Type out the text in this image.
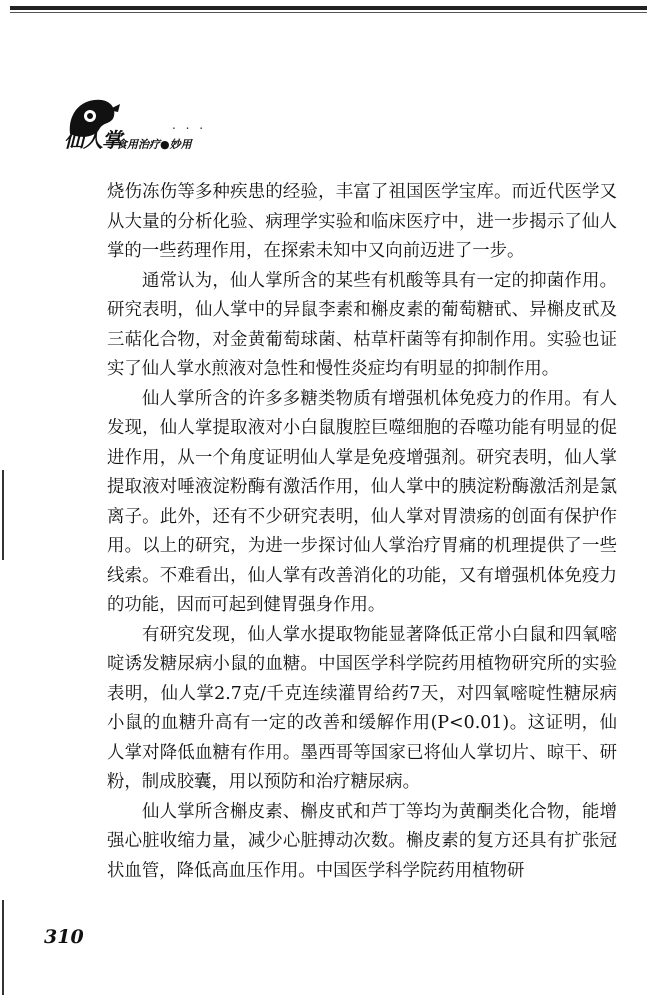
仙人掌
. . .
食用治疗●妙用

烧伤冻伤等多种疾患的经验，丰富了祖国医学宝库。而近代医学又从大量的分析化验、病理学实验和临床医疗中，进一步揭示了仙人掌的一些药理作用，在探索未知中又向前迈进了一步。

通常认为，仙人掌所含的某些有机酸等具有一定的抑菌作用。研究表明，仙人掌中的异鼠李素和槲皮素的葡萄糖甙、异槲皮甙及三萜化合物，对金黄葡萄球菌、枯草杆菌等有抑制作用。实验也证实了仙人掌水煎液对急性和慢性炎症均有明显的抑制作用。

仙人掌所含的许多多糖类物质有增强机体免疫力的作用。有人发现，仙人掌提取液对小白鼠腹腔巨噬细胞的吞噬功能有明显的促进作用，从一个角度证明仙人掌是免疫增强剂。研究表明，仙人掌提取液对唾液淀粉酶有激活作用，仙人掌中的胰淀粉酶激活剂是氯离子。此外，还有不少研究表明，仙人掌对胃溃疡的创面有保护作用。以上的研究，为进一步探讨仙人掌治疗胃痛的机理提供了一些线索。不难看出，仙人掌有改善消化的功能，又有增强机体免疫力的功能，因而可起到健胃强身作用。

有研究发现，仙人掌水提取物能显著降低正常小白鼠和四氧嘧啶诱发糖尿病小鼠的血糖。中国医学科学院药用植物研究所的实验表明，仙人掌2.7克/千克连续灌胃给药7天，对四氧嘧啶性糖尿病小鼠的血糖升高有一定的改善和缓解作用(P<0.01)。这证明，仙人掌对降低血糖有作用。墨西哥等国家已将仙人掌切片、晾干、研粉，制成胶囊，用以预防和治疗糖尿病。

仙人掌所含槲皮素、槲皮甙和芦丁等均为黄酮类化合物，能增强心脏收缩力量，减少心脏搏动次数。槲皮素的复方还具有扩张冠状血管，降低高血压作用。中国医学科学院药用植物研

310
